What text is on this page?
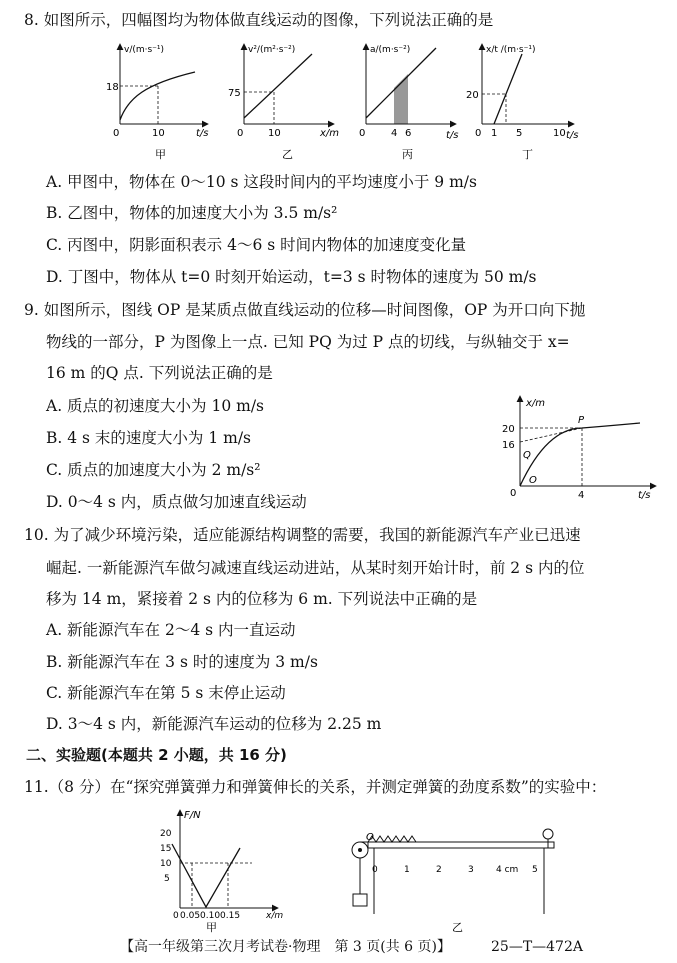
8. 如图所示，四幅图均为物体做直线运动的图像，下列说法正确的是
v/(m·s⁻¹)
18
0	10	t/s
甲
v²/(m²·s⁻²)
75
0 10	x/m
乙
a/(m·s⁻²)
0	4 6	t/s
丙
x/t /(m·s⁻¹)
20
0 1 5	10 t/s
丁
A. 甲图中，物体在 0～10 s 这段时间内的平均速度小于 9 m/s
B. 乙图中，物体的加速度大小为 3.5 m/s²
C. 丙图中，阴影面积表示 4～6 s 时间内物体的加速度变化量
D. 丁图中，物体从 t=0 时刻开始运动，t=3 s 时物体的速度为 50 m/s
9. 如图所示，图线 OP 是某质点做直线运动的位移—时间图像，OP 为开口向下抛
物线的一部分，P 为图像上一点. 已知 PQ 为过 P 点的切线，与纵轴交于 x=
16 m 的Q 点. 下列说法正确的是
A. 质点的初速度大小为 10 m/s
B. 4 s 末的速度大小为 1 m/s
C. 质点的加速度大小为 2 m/s²
D. 0～4 s 内，质点做匀加速直线运动
x/m
20
16
Q
P
O
0	4	t/s
10. 为了减少环境污染，适应能源结构调整的需要，我国的新能源汽车产业已迅速
崛起. 一新能源汽车做匀减速直线运动进站，从某时刻开始计时，前 2 s 内的位
移为 14 m，紧接着 2 s 内的位移为 6 m. 下列说法中正确的是
A. 新能源汽车在 2～4 s 内一直运动
B. 新能源汽车在 3 s 时的速度为 3 m/s
C. 新能源汽车在第 5 s 末停止运动
D. 3～4 s 内，新能源汽车运动的位移为 2.25 m
二、实验题(本题共 2 小题，共 16 分)
11.（8 分）在“探究弹簧弹力和弹簧伸长的关系，并测定弹簧的劲度系数”的实验中：
F/N
20
15
10
5
0 0.05 0.10 0.15	x/m
甲
O
0	1	2	3 4 cm 5
乙
【高一年级第三次月考试卷·物理　第 3 页(共 6 页)】	25—T—472A
